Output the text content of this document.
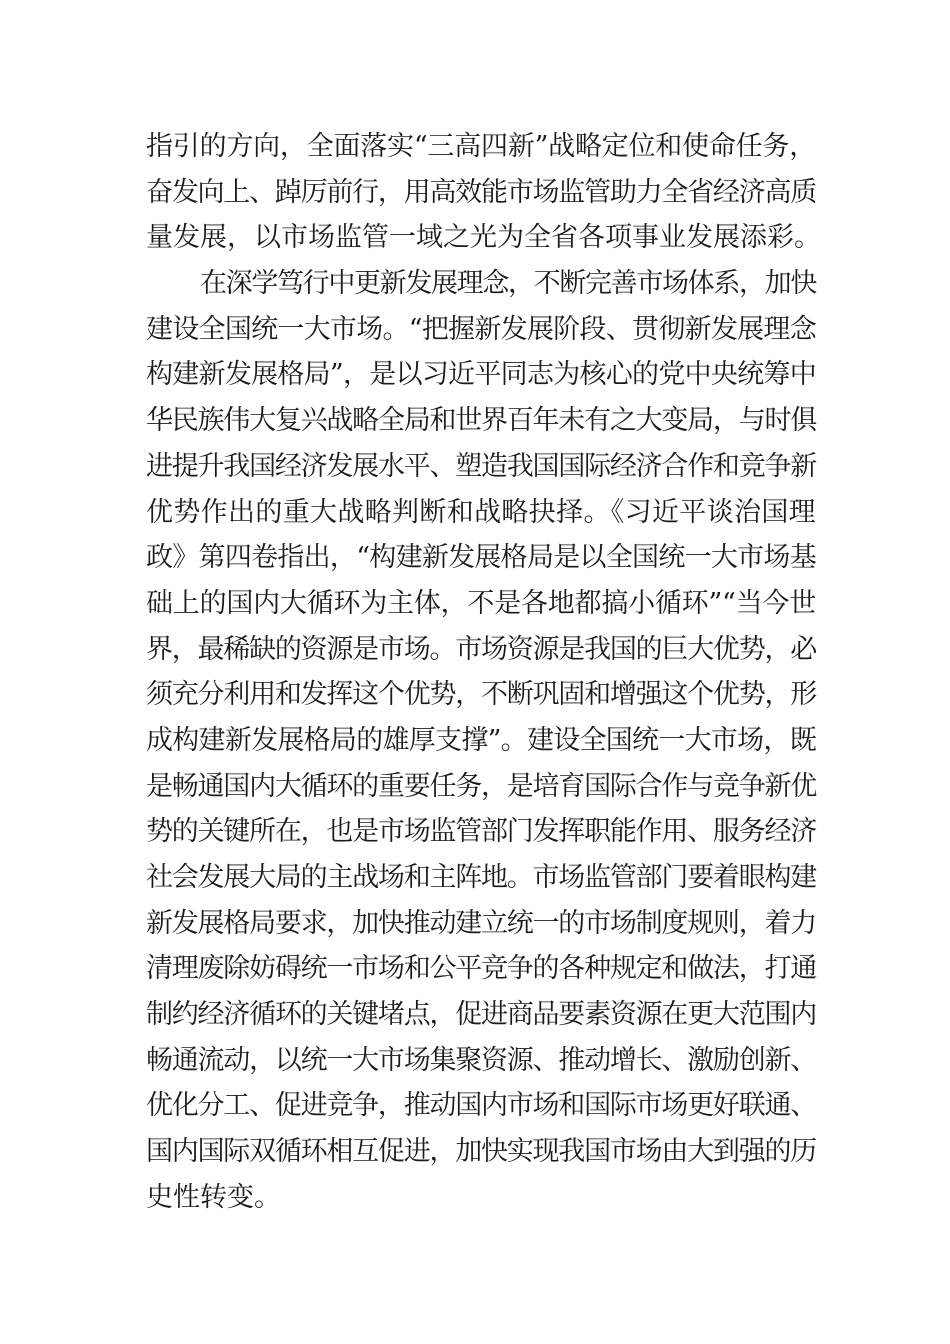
指引的方向，全面落实“三高四新”战略定位和使命任务，
奋发向上、踔厉前行，用高效能市场监管助力全省经济高质
量发展，以市场监管一域之光为全省各项事业发展添彩。
在深学笃行中更新发展理念，不断完善市场体系，加快
建设全国统一大市场。“把握新发展阶段、贯彻新发展理念
构建新发展格局”，是以习近平同志为核心的党中央统筹中
华民族伟大复兴战略全局和世界百年未有之大变局，与时俱
进提升我国经济发展水平、塑造我国国际经济合作和竞争新
优势作出的重大战略判断和战略抉择。《习近平谈治国理
政》第四卷指出，“构建新发展格局是以全国统一大市场基
础上的国内大循环为主体，不是各地都搞小循环”“当今世
界，最稀缺的资源是市场。市场资源是我国的巨大优势，必
须充分利用和发挥这个优势，不断巩固和增强这个优势，形
成构建新发展格局的雄厚支撑”。建设全国统一大市场，既
是畅通国内大循环的重要任务，是培育国际合作与竞争新优
势的关键所在，也是市场监管部门发挥职能作用、服务经济
社会发展大局的主战场和主阵地。市场监管部门要着眼构建
新发展格局要求，加快推动建立统一的市场制度规则，着力
清理废除妨碍统一市场和公平竞争的各种规定和做法，打通
制约经济循环的关键堵点，促进商品要素资源在更大范围内
畅通流动，以统一大市场集聚资源、推动增长、激励创新、
优化分工、促进竞争，推动国内市场和国际市场更好联通、
国内国际双循环相互促进，加快实现我国市场由大到强的历
史性转变。
